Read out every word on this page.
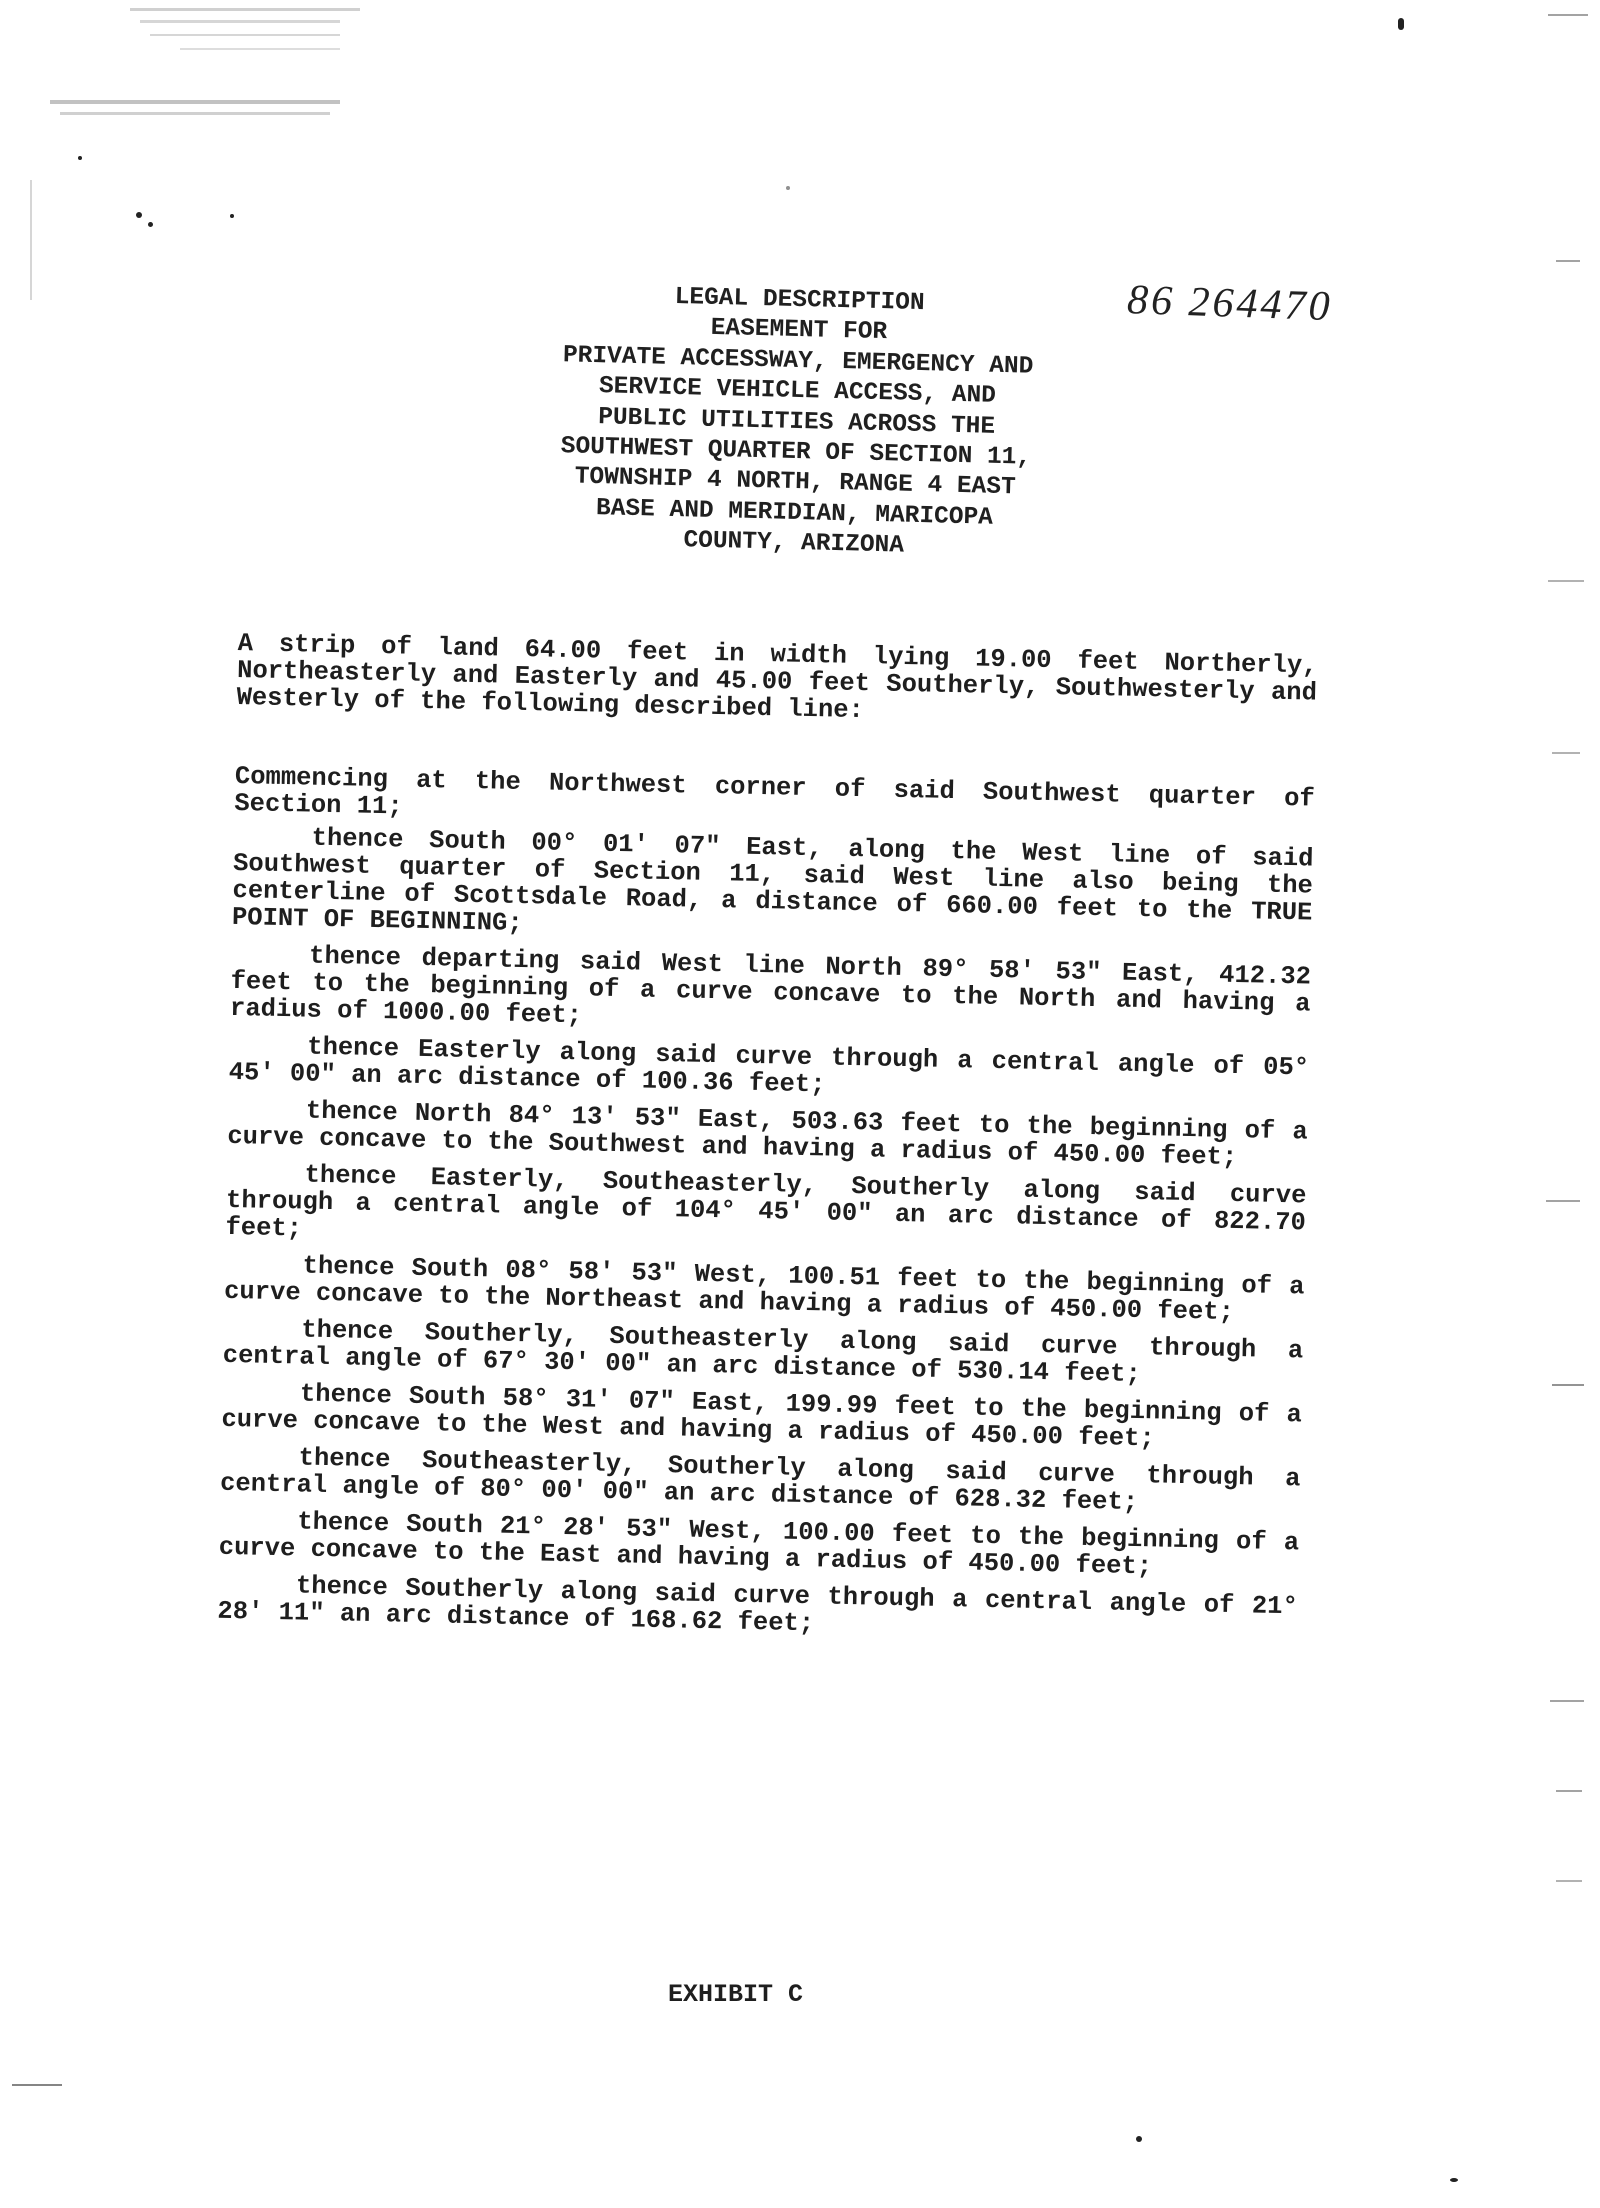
86 264470
LEGAL DESCRIPTION
EASEMENT FOR
PRIVATE ACCESSWAY, EMERGENCY AND
SERVICE VEHICLE ACCESS, AND
PUBLIC UTILITIES ACROSS THE
SOUTHWEST QUARTER OF SECTION 11,
TOWNSHIP 4 NORTH, RANGE 4 EAST
BASE AND MERIDIAN, MARICOPA
COUNTY, ARIZONA

A strip of land 64.00 feet in width lying 19.00 feet Northerly, Northeasterly and Easterly and 45.00 feet Southerly, Southwesterly and Westerly of the following described line:

Commencing at the Northwest corner of said Southwest quarter of Section 11;

thence South 00° 01' 07" East, along the West line of said Southwest quarter of Section 11, said West line also being the centerline of Scottsdale Road, a distance of 660.00 feet to the TRUE POINT OF BEGINNING;

thence departing said West line North 89° 58' 53" East, 412.32 feet to the beginning of a curve concave to the North and having a radius of 1000.00 feet;

thence Easterly along said curve through a central angle of 05° 45' 00" an arc distance of 100.36 feet;

thence North 84° 13' 53" East, 503.63 feet to the beginning of a curve concave to the Southwest and having a radius of 450.00 feet;

thence Easterly, Southeasterly, Southerly along said curve through a central angle of 104° 45' 00" an arc distance of 822.70 feet;

thence South 08° 58' 53" West, 100.51 feet to the beginning of a curve concave to the Northeast and having a radius of 450.00 feet;

thence Southerly, Southeasterly along said curve through a central angle of 67° 30' 00" an arc distance of 530.14 feet;

thence South 58° 31' 07" East, 199.99 feet to the beginning of a curve concave to the West and having a radius of 450.00 feet;

thence Southeasterly, Southerly along said curve through a central angle of 80° 00' 00" an arc distance of 628.32 feet;

thence South 21° 28' 53" West, 100.00 feet to the beginning of a curve concave to the East and having a radius of 450.00 feet;

thence Southerly along said curve through a central angle of 21° 28' 11" an arc distance of 168.62 feet;

EXHIBIT C
